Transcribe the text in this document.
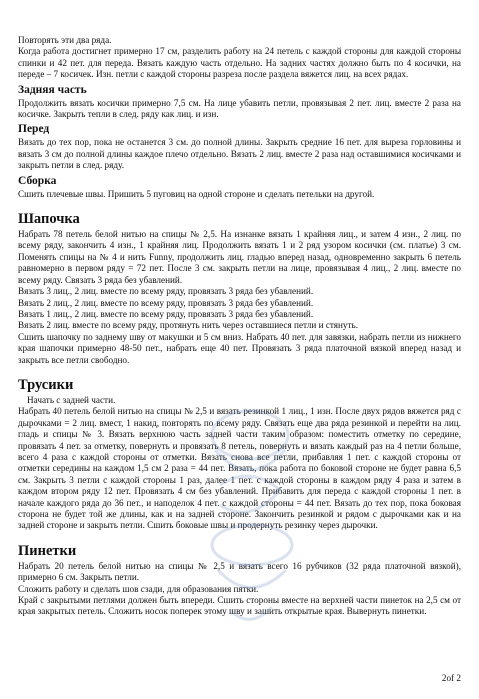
Повторять эти два ряда.

Когда работа достигнет примерно 17 см, разделить работу на 24 петель с каждой стороны для каждой стороны спинки и 42 пет. для переда. Вязать каждую часть отдельно. На задних частях должно быть по 4 косички, на переде – 7 косичек. Изн. петли с каждой стороны разреза после раздела вяжется лиц. на всех рядах.

Задняя часть

Продолжить вязать косички примерно 7,5 см. На лице убавить петли, провязывая 2 пет. лиц. вместе 2 раза на косичке. Закрыть тепли в след. ряду как лиц. и изн.

Перед

Вязать до тех пор, пока не останется 3 см. до полной длины. Закрыть средние 16 пет. для выреза горловины и вязать 3 см до полной длины каждое плечо отдельно. Вязать 2 лиц. вместе 2 раза над оставшимися косичками и закрыть петли в след. ряду.

Сборка

Сшить плечевые швы. Пришить 5 пуговиц на одной стороне и сделать петельки на другой.

Шапочка

Набрать 78 петель белой нитью на спицы № 2,5. На изнанке вязать 1 крайняя лиц., и затем 4 изн., 2 лиц. по всему ряду, закончить 4 изн., 1 крайняя лиц. Продолжить вязать 1 и 2 ряд узором косички (см. платье) 3 см. Поменять спицы на № 4 и нить Funny, продолжить лиц. гладью вперед назад, одновременно закрыть 6 петель равномерно в первом ряду = 72 пет. После 3 см. закрыть петли на лице, провязывая 4 лиц., 2 лиц. вместе по всему ряду. Связать 3 ряда без убавлений.

Вязать 3 лиц., 2 лиц. вместе по всему ряду, провязать 3 ряда без убавлений.

Вязать 2 лиц., 2 лиц. вместе по всему ряду, провязать 3 ряда без убавлений.

Вязать 1 лиц., 2 лиц. вместе по всему ряду, провязать 3 ряда без убавлений.

Вязать 2 лиц. вместе по всему ряду, протянуть нить через оставшиеся петли и стянуть.

Сшить шапочку по заднему шву от макушки и 5 см вниз. Набрать 40 пет. для завязки, набрать петли из нижнего края шапочки примерно 48-50 пет., набрать еще 40 пет. Провязать 3 ряда платочной вязкой вперед назад и закрыть все петли свободно.

Трусики

Начать с задней части.

Набрать 40 петель белой нитью на спицы № 2,5 и вязать резинкой 1 лиц., 1 изн. После двух рядов вяжется ряд с дырочками = 2 лиц. вмест, 1 накид, повторять по всему ряду. Связать еще два ряда резинкой и перейти на лиц. гладь и спицы № 3. Вязать верхнюю часть задней части таким образом: поместить отметку по середине, провязать 4 пет. за отметку, повернуть и провязать 8 петель, повернуть и вязать каждый раз на 4 петли больше, всего 4 раза с каждой стороны от отметки. Вязать снова все петли, прибавляя 1 пет. с каждой стороны от отметки середины на каждом 1,5 см 2 раза = 44 пет. Вязать, пока работа по боковой стороне не будет равна 6,5 см. Закрыть 3 петли с каждой стороны 1 раз, далее 1 пет. с каждой стороны в каждом ряду 4 раза и затем в каждом втором ряду 12 пет. Провязать 4 см без убавлений. Прибавить для переда с каждой стороны 1 пет. в начале каждого ряда до 36 пет., и наподелок 4 пет. с каждой стороны = 44 пет. Вязать до тех пор, пока боковая сторона не будет той же длины, как и на задней стороне. Закончить резинкой и рядом с дырочками как и на задней стороне и закрыть петли. Сшить боковые швы и продернуть резинку через дырочки.

Пинетки

Набрать 20 петель белой нитью на спицы № 2,5 и вязать всего 16 рубчиков (32 ряда платочной вязкой), примерно 6 см. Закрыть петли.

Сложить работу и сделать шов сзади, для образования пятки.

Край с закрытыми петлями должен быть впереди. Сшить стороны вместе на верхней части пинеток на 2,5 см от края закрытых петель. Сложить носок поперек этому шву и зашить открытые края. Вывернуть пинетки.

2of 2
